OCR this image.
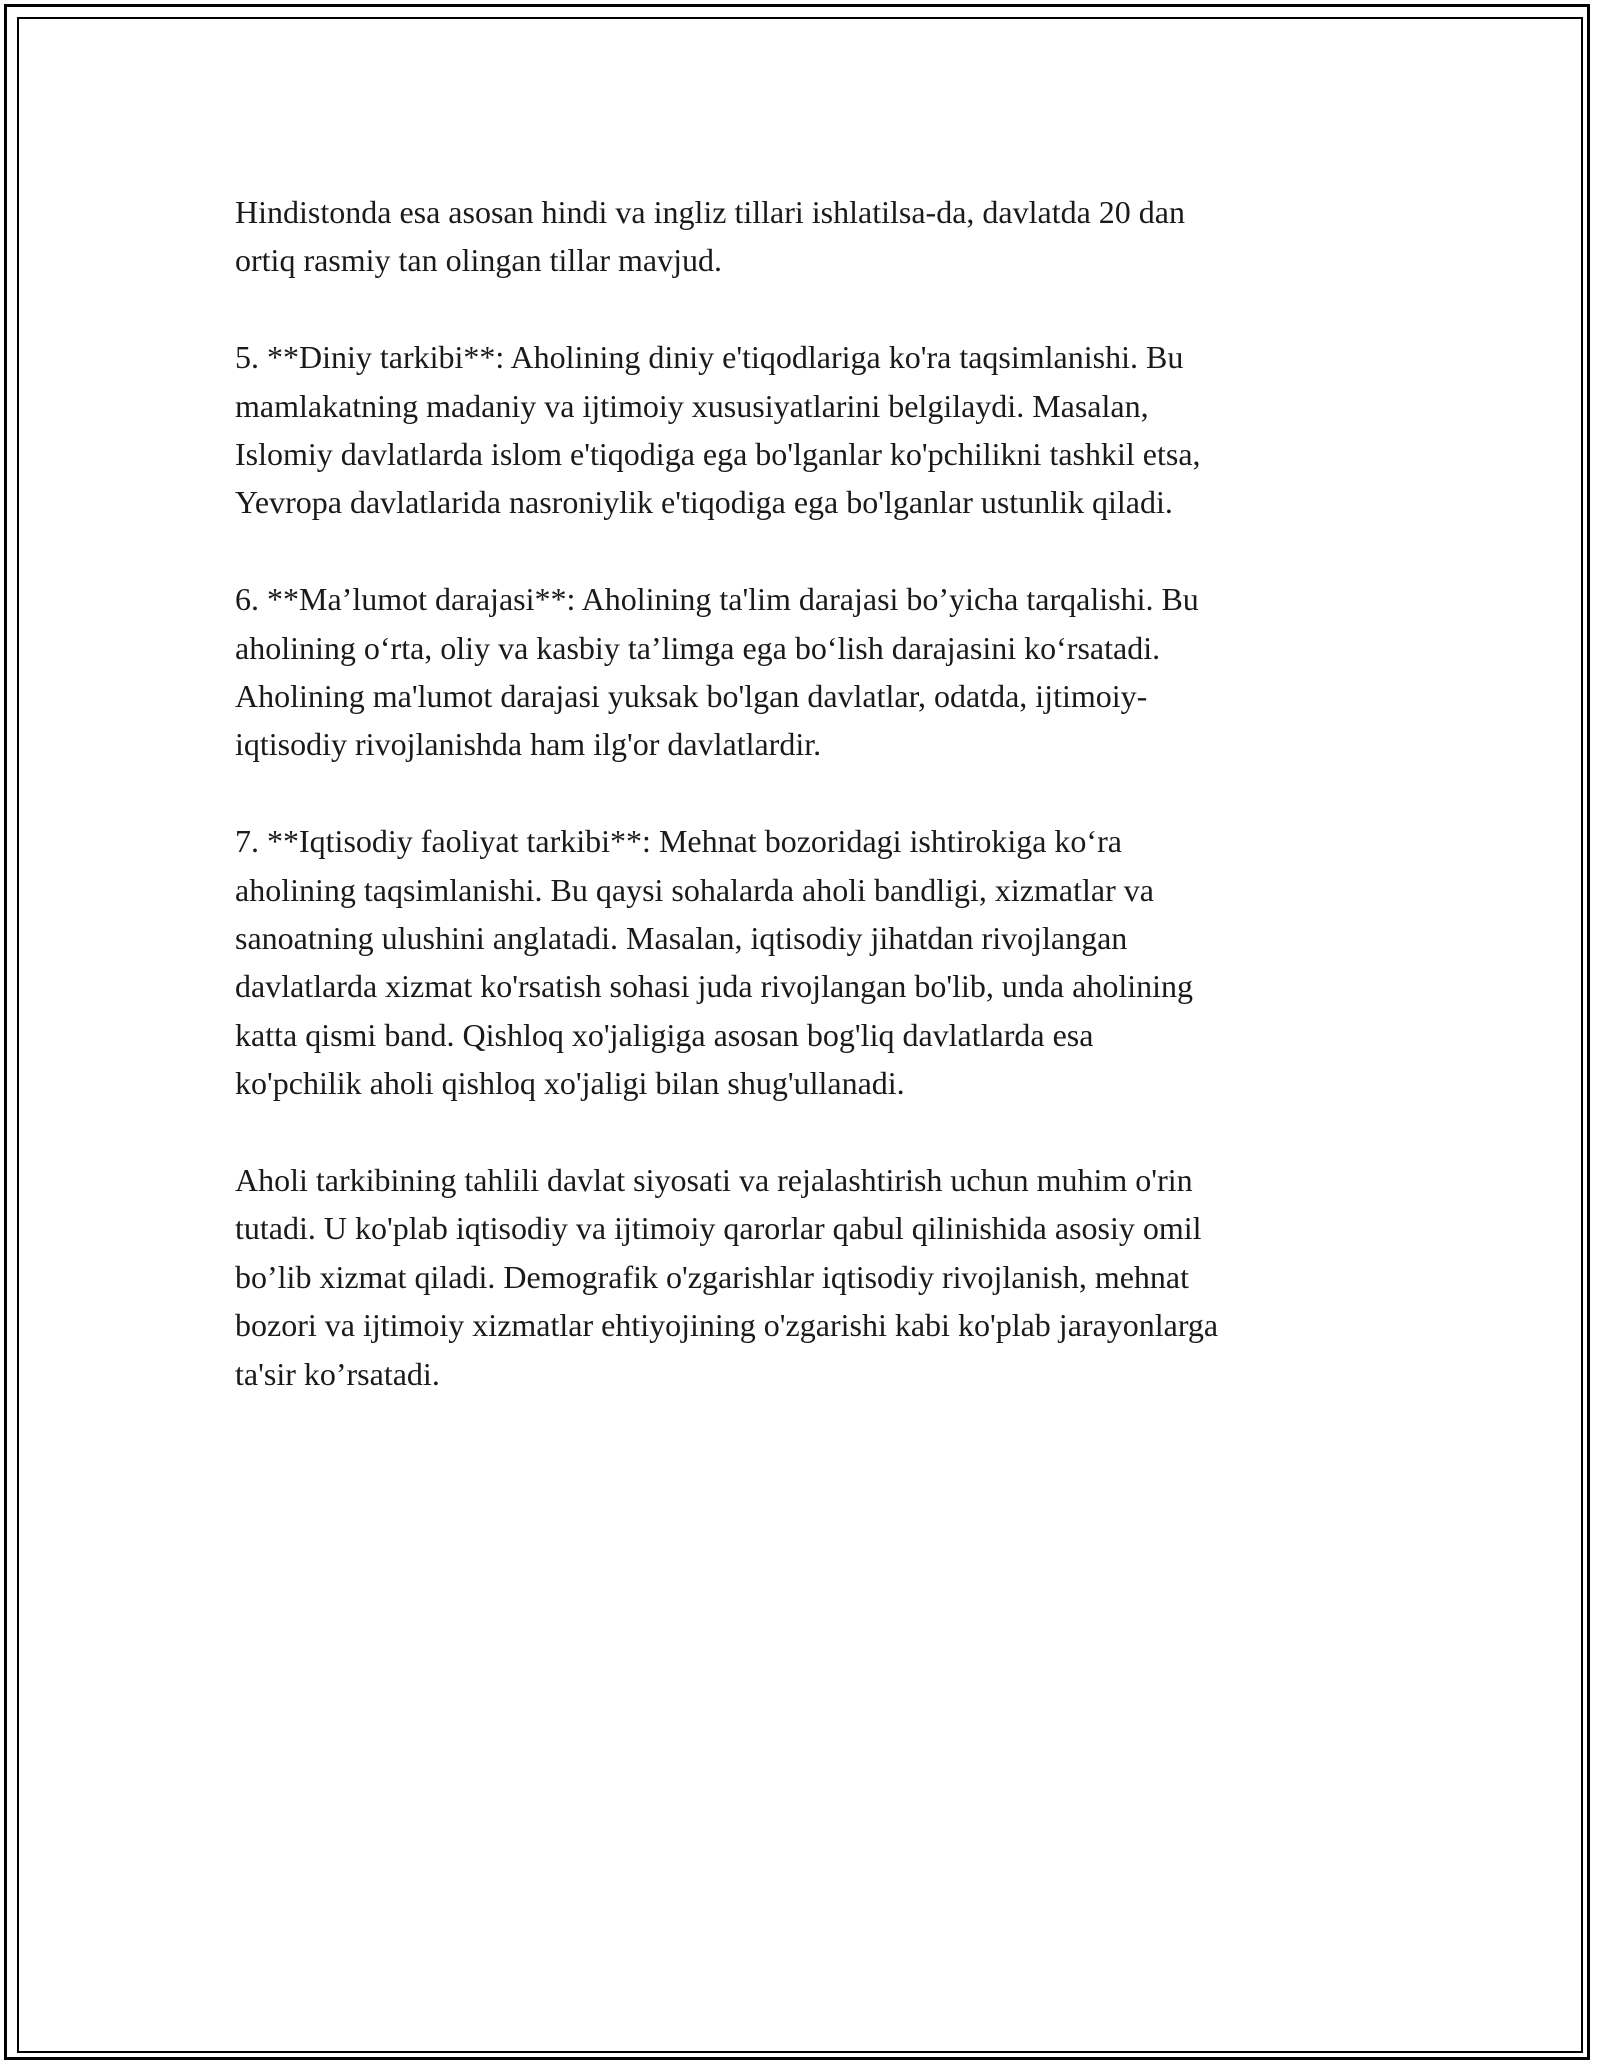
Hindistonda esa asosan hindi va ingliz tillari ishlatilsa-da, davlatda 20 dan
ortiq rasmiy tan olingan tillar mavjud.

5. **Diniy tarkibi**: Aholining diniy e'tiqodlariga ko'ra taqsimlanishi. Bu
mamlakatning madaniy va ijtimoiy xususiyatlarini belgilaydi. Masalan,
Islomiy davlatlarda islom e'tiqodiga ega bo'lganlar ko'pchilikni tashkil etsa,
Yevropa davlatlarida nasroniylik e'tiqodiga ega bo'lganlar ustunlik qiladi.

6. **Ma’lumot darajasi**: Aholining ta'lim darajasi bo’yicha tarqalishi. Bu
aholining o‘rta, oliy va kasbiy ta’limga ega bo‘lish darajasini ko‘rsatadi.
Aholining ma'lumot darajasi yuksak bo'lgan davlatlar, odatda, ijtimoiy-
iqtisodiy rivojlanishda ham ilg'or davlatlardir.

7. **Iqtisodiy faoliyat tarkibi**: Mehnat bozoridagi ishtirokiga ko‘ra
aholining taqsimlanishi. Bu qaysi sohalarda aholi bandligi, xizmatlar va
sanoatning ulushini anglatadi. Masalan, iqtisodiy jihatdan rivojlangan
davlatlarda xizmat ko'rsatish sohasi juda rivojlangan bo'lib, unda aholining
katta qismi band. Qishloq xo'jaligiga asosan bog'liq davlatlarda esa
ko'pchilik aholi qishloq xo'jaligi bilan shug'ullanadi.

Aholi tarkibining tahlili davlat siyosati va rejalashtirish uchun muhim o'rin
tutadi. U ko'plab iqtisodiy va ijtimoiy qarorlar qabul qilinishida asosiy omil
bo’lib xizmat qiladi. Demografik o'zgarishlar iqtisodiy rivojlanish, mehnat
bozori va ijtimoiy xizmatlar ehtiyojining o'zgarishi kabi ko'plab jarayonlarga
ta'sir ko’rsatadi.
